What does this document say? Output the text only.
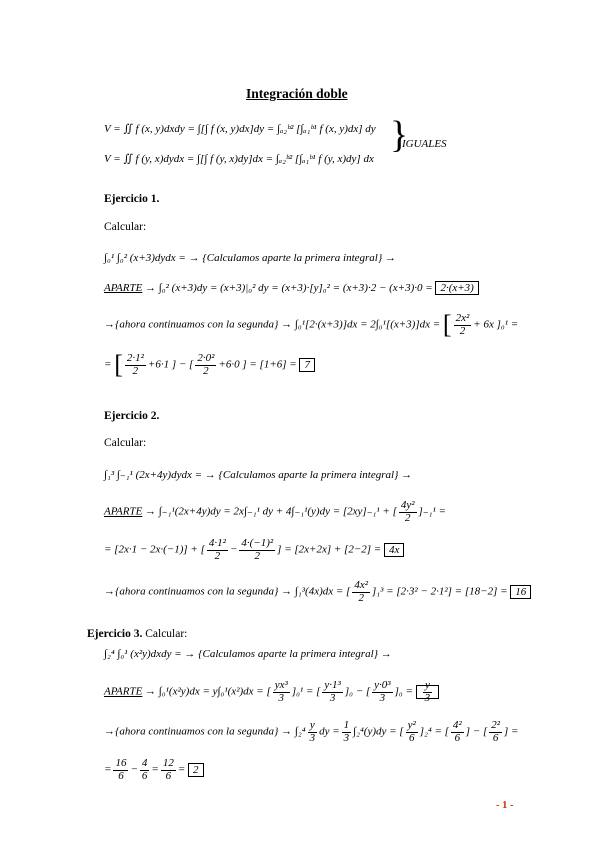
Integración doble
V = ∬ f (x, y)dxdy = ∫[∫ f (x, y)dx]dy = ∫ₐ₂ᵇ² [∫ₐ₁ᵇ¹ f (x, y)dx] dy
V = ∬ f (y, x)dydx = ∫[∫ f (y, x)dy]dx = ∫ₐ₂ᵇ² [∫ₐ₁ᵇ¹ f (y, x)dy] dx
}
IGUALES
Ejercicio 1.
Calcular:
∫₀¹ ∫₀² (x+3)dydx = → {Calculamos aparte la primera integral} →
APARTE → ∫₀² (x+3)dy = (x+3)|₀² dy = (x+3)·[y]₀² = (x+3)·2 − (x+3)·0 = 2·(x+3)
→{ahora continuamos con la segunda} → ∫₀¹[2·(x+3)]dx = 2∫₀¹[(x+3)]dx = [ $\frac{\text{2x²}}{2} + 6x$ ]₀¹ =
= [ $\frac{\text{2·1²}}{2} +6\cdot 1$ ] − [ $\frac{\text{2·0²}}{2} +6\cdot 0$ ] = [1+6] = 7
Ejercicio 2.
Calcular:
∫₁³ ∫₋₁¹ (2x+4y)dydx = → {Calculamos aparte la primera integral} →
APARTE → ∫₋₁¹(2x+4y)dy = 2x∫₋₁¹ dy + 4∫₋₁¹(y)dy = [2xy]₋₁¹ + [ $\frac{\text{4y²}}{2} ]_{-1}^1$ =
= [2x·1 − 2x·(−1)] + [ $\frac{\text{4·1²}}{2} - \frac{\text{4·(−1)²}}{2}$ ] = [2x+2x] + [2−2] = 4x
→{ahora continuamos con la segunda} → ∫₁³(4x)dx = [ $\frac{\text{4x²}}{2} ]_1^3 = [2\cdot 3^2 - 2\cdot 1^2] = [18-2] = 16$
Ejercicio 3. Calcular:
∫₂⁴ ∫₀¹ (x²y)dxdy = → {Calculamos aparte la primera integral} →
APARTE → ∫₀¹(x²y)dx = y∫₀¹(x²)dx = [ $\frac{\text{yx³}}{3} ]_0^1$ = [ $\frac{\text{y·1³}}{3} ]_0$ − [ $\frac{\text{y·0³}}{3} ]_0 = \frac{y}{3}$
→{ahora continuamos con la segunda} → $\int_2^4 \frac{y}{3}$ dy = $\frac{1}{3} \int_2^4(y)dy$ = [ $\frac{\text{y²}}{6} ]_2^4$ = [ $\frac{\text{4²}}{6}$ ] − [ $\frac{\text{2²}}{6}$ ] =
= $\frac{16}{6} - \frac{4}{6} = \frac{12}{6} = 2$
- 1 -
